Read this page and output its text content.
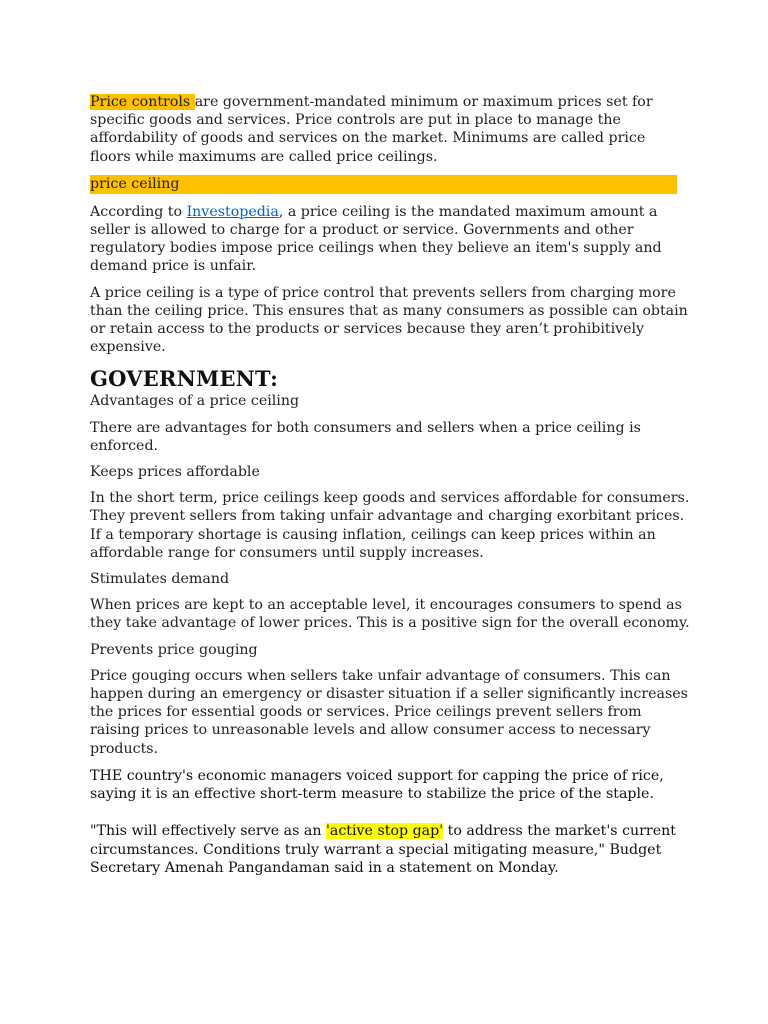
Price controls are government-mandated minimum or maximum prices set for specific goods and services. Price controls are put in place to manage the affordability of goods and services on the market. Minimums are called price floors while maximums are called price ceilings.

price ceiling

According to Investopedia, a price ceiling is the mandated maximum amount a seller is allowed to charge for a product or service. Governments and other regulatory bodies impose price ceilings when they believe an item's supply and demand price is unfair.

A price ceiling is a type of price control that prevents sellers from charging more than the ceiling price. This ensures that as many consumers as possible can obtain or retain access to the products or services because they aren’t prohibitively expensive.

GOVERNMENT:

Advantages of a price ceiling

There are advantages for both consumers and sellers when a price ceiling is enforced.

Keeps prices affordable

In the short term, price ceilings keep goods and services affordable for consumers. They prevent sellers from taking unfair advantage and charging exorbitant prices. If a temporary shortage is causing inflation, ceilings can keep prices within an affordable range for consumers until supply increases.

Stimulates demand

When prices are kept to an acceptable level, it encourages consumers to spend as they take advantage of lower prices. This is a positive sign for the overall economy.

Prevents price gouging

Price gouging occurs when sellers take unfair advantage of consumers. This can happen during an emergency or disaster situation if a seller significantly increases the prices for essential goods or services. Price ceilings prevent sellers from raising prices to unreasonable levels and allow consumer access to necessary products.

THE country's economic managers voiced support for capping the price of rice, saying it is an effective short-term measure to stabilize the price of the staple.

"This will effectively serve as an 'active stop gap' to address the market's current circumstances. Conditions truly warrant a special mitigating measure," Budget Secretary Amenah Pangandaman said in a statement on Monday.
